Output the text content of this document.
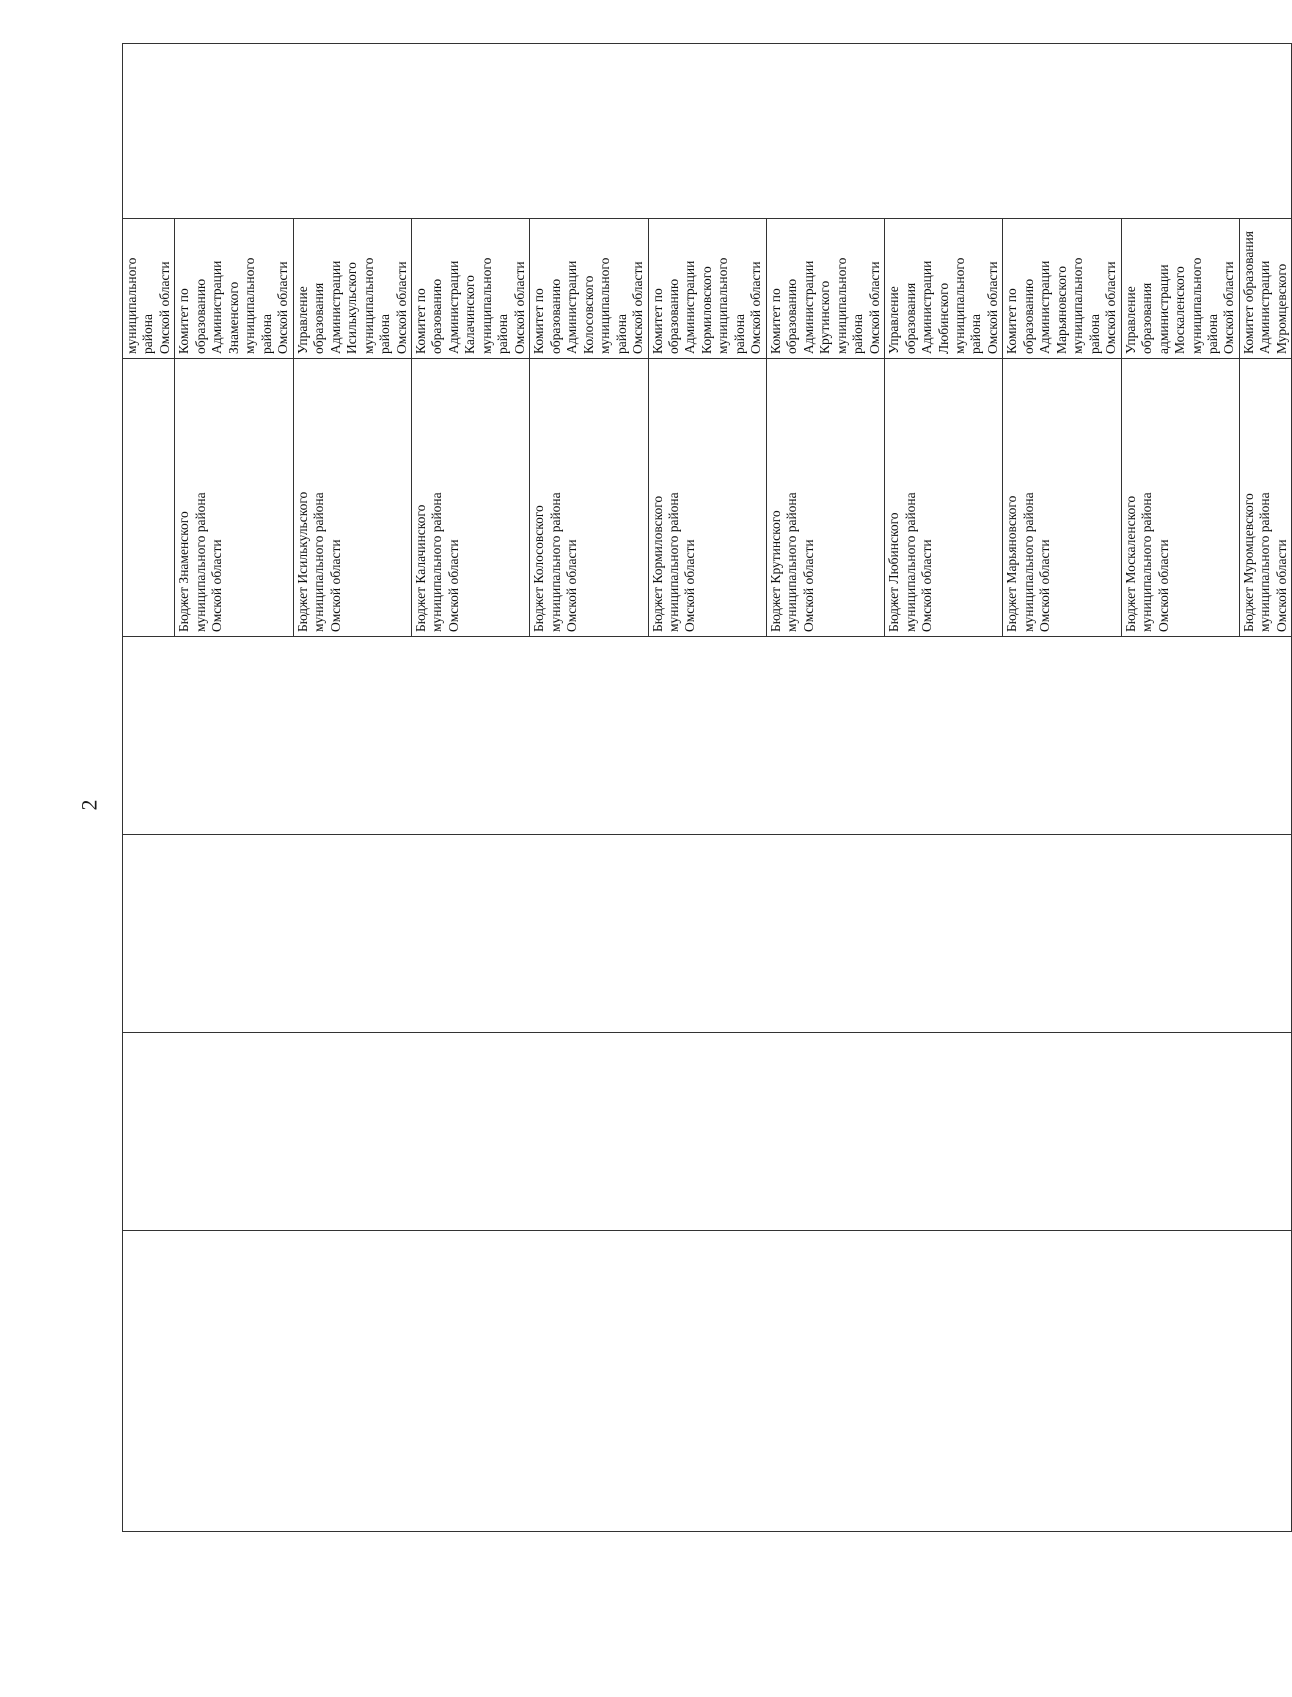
2

					муниципального района
Омской области	

				Бюджет Знаменского
муниципального района
Омской области	Комитет по образованию
Администрации
Знаменского
муниципального района
Омской области	

				Бюджет Исилькульского
муниципального района
Омской области	Управление образования
Администрации
Исилькульского
муниципального района
Омской области	

				Бюджет Калачинского
муниципального района
Омской области	Комитет по образованию
Администрации
Калачинского
муниципального района
Омской области	

				Бюджет Колосовского
муниципального района
Омской области	Комитет по образованию
Администрации
Колосовского
муниципального района
Омской области	

				Бюджет Кормиловского
муниципального района
Омской области	Комитет по образованию
Администрации
Кормиловского
муниципального района
Омской области	

				Бюджет Крутинского
муниципального района
Омской области	Комитет по образованию
Администрации
Крутинского
муниципального района
Омской области	

				Бюджет Любинского
муниципального района
Омской области	Управление образования
Администрации
Любинского
муниципального района
Омской области	

				Бюджет Марьяновского
муниципального района
Омской области	Комитет по образованию
Администрации
Марьяновского
муниципального района
Омской области	

				Бюджет Москаленского
муниципального района
Омской области	Управление образования
администрации
Москаленского
муниципального района
Омской области	

				Бюджет Муромцевского
муниципального района
Омской области	Комитет образования
Администрации
Муромцевского	
